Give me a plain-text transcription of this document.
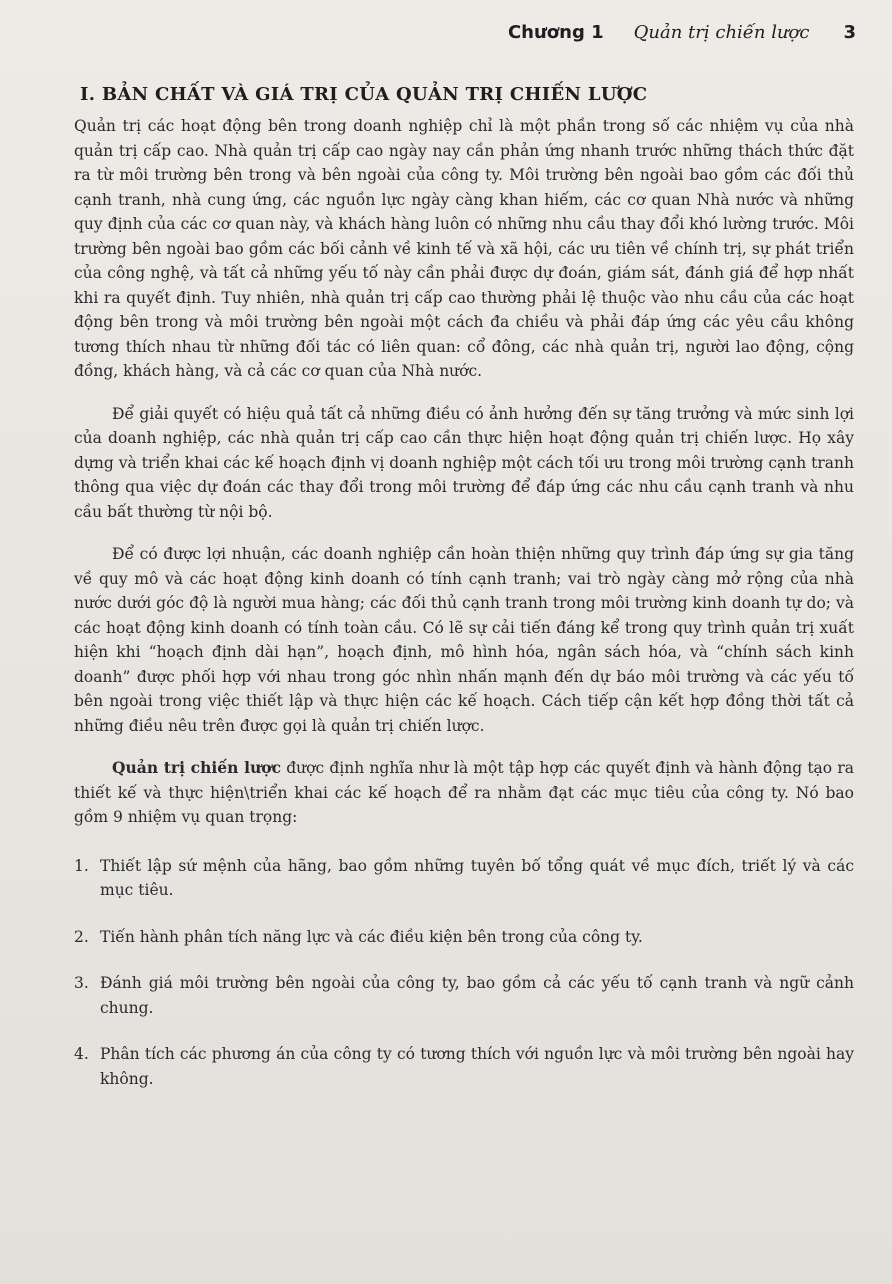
Chương 1 Quản trị chiến lược 3
I. BẢN CHẤT VÀ GIÁ TRỊ CỦA QUẢN TRỊ CHIẾN LƯỢC

Quản trị các hoạt động bên trong doanh nghiệp chỉ là một phần trong số các nhiệm vụ của nhà quản trị cấp cao. Nhà quản trị cấp cao ngày nay cần phản ứng nhanh trước những thách thức đặt ra từ môi trường bên trong và bên ngoài của công ty. Môi trường bên ngoài bao gồm các đối thủ cạnh tranh, nhà cung ứng, các nguồn lực ngày càng khan hiếm, các cơ quan Nhà nước và những quy định của các cơ quan này, và khách hàng luôn có những nhu cầu thay đổi khó lường trước. Môi trường bên ngoài bao gồm các bối cảnh về kinh tế và xã hội, các ưu tiên về chính trị, sự phát triển của công nghệ, và tất cả những yếu tố này cần phải được dự đoán, giám sát, đánh giá để hợp nhất khi ra quyết định. Tuy nhiên, nhà quản trị cấp cao thường phải lệ thuộc vào nhu cầu của các hoạt động bên trong và môi trường bên ngoài một cách đa chiều và phải đáp ứng các yêu cầu không tương thích nhau từ những đối tác có liên quan: cổ đông, các nhà quản trị, người lao động, cộng đồng, khách hàng, và cả các cơ quan của Nhà nước.

Để giải quyết có hiệu quả tất cả những điều có ảnh hưởng đến sự tăng trưởng và mức sinh lợi của doanh nghiệp, các nhà quản trị cấp cao cần thực hiện hoạt động quản trị chiến lược. Họ xây dựng và triển khai các kế hoạch định vị doanh nghiệp một cách tối ưu trong môi trường cạnh tranh thông qua việc dự đoán các thay đổi trong môi trường để đáp ứng các nhu cầu cạnh tranh và nhu cầu bất thường từ nội bộ.

Để có được lợi nhuận, các doanh nghiệp cần hoàn thiện những quy trình đáp ứng sự gia tăng về quy mô và các hoạt động kinh doanh có tính cạnh tranh; vai trò ngày càng mở rộng của nhà nước dưới góc độ là người mua hàng; các đối thủ cạnh tranh trong môi trường kinh doanh tự do; và các hoạt động kinh doanh có tính toàn cầu. Có lẽ sự cải tiến đáng kể trong quy trình quản trị xuất hiện khi “hoạch định dài hạn”, hoạch định, mô hình hóa, ngân sách hóa, và “chính sách kinh doanh” được phối hợp với nhau trong góc nhìn nhấn mạnh đến dự báo môi trường và các yếu tố bên ngoài trong việc thiết lập và thực hiện các kế hoạch. Cách tiếp cận kết hợp đồng thời tất cả những điều nêu trên được gọi là quản trị chiến lược.

Quản trị chiến lược được định nghĩa như là một tập hợp các quyết định và hành động tạo ra thiết kế và thực hiện\triển khai các kế hoạch để ra nhằm đạt các mục tiêu của công ty. Nó bao gồm 9 nhiệm vụ quan trọng:

1. Thiết lập sứ mệnh của hãng, bao gồm những tuyên bố tổng quát về mục đích, triết lý và các mục tiêu.
2. Tiến hành phân tích năng lực và các điều kiện bên trong của công ty.
3. Đánh giá môi trường bên ngoài của công ty, bao gồm cả các yếu tố cạnh tranh và ngữ cảnh chung.
4. Phân tích các phương án của công ty có tương thích với nguồn lực và môi trường bên ngoài hay không.
